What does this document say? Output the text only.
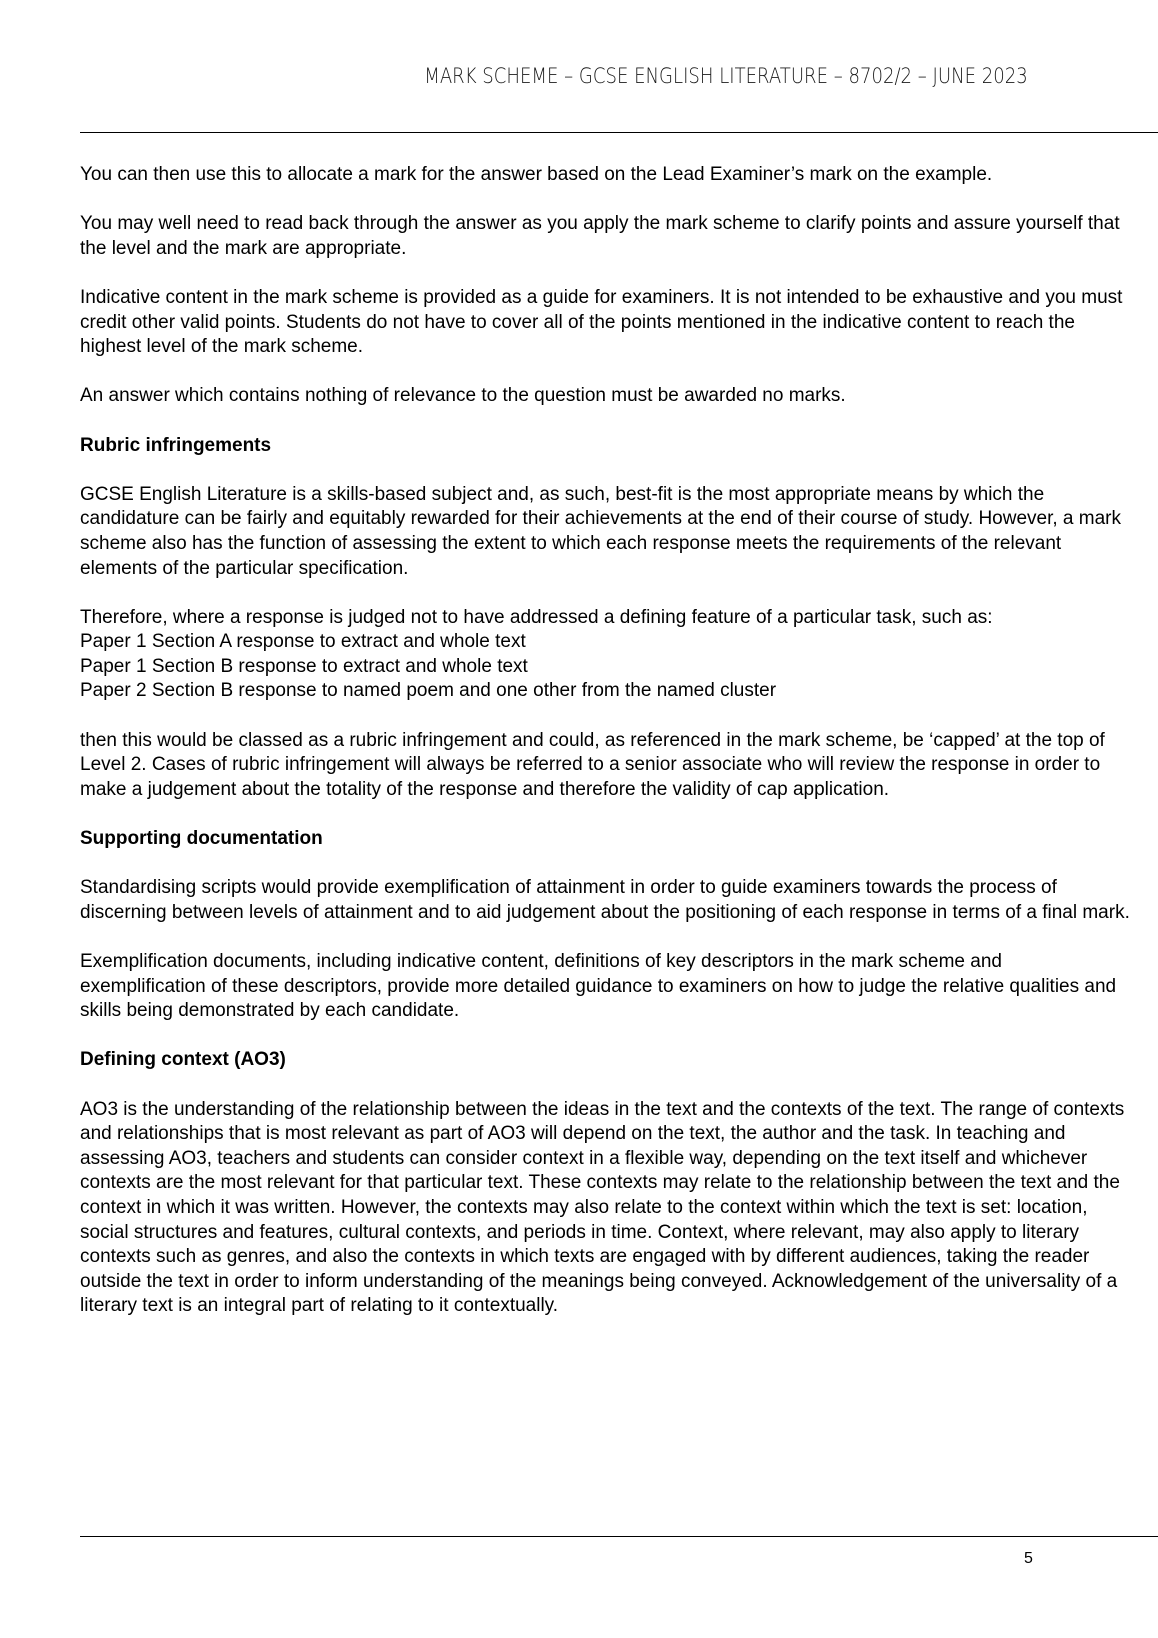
MARK SCHEME – GCSE ENGLISH LITERATURE – 8702/2 – JUNE 2023

You can then use this to allocate a mark for the answer based on the Lead Examiner’s mark on the example.

You may well need to read back through the answer as you apply the mark scheme to clarify points and assure yourself that the level and the mark are appropriate.

Indicative content in the mark scheme is provided as a guide for examiners. It is not intended to be exhaustive and you must credit other valid points. Students do not have to cover all of the points mentioned in the indicative content to reach the highest level of the mark scheme.

An answer which contains nothing of relevance to the question must be awarded no marks.

Rubric infringements

GCSE English Literature is a skills-based subject and, as such, best-fit is the most appropriate means by which the candidature can be fairly and equitably rewarded for their achievements at the end of their course of study. However, a mark scheme also has the function of assessing the extent to which each response meets the requirements of the relevant elements of the particular specification.

Therefore, where a response is judged not to have addressed a defining feature of a particular task, such as:
Paper 1 Section A response to extract and whole text
Paper 1 Section B response to extract and whole text
Paper 2 Section B response to named poem and one other from the named cluster

then this would be classed as a rubric infringement and could, as referenced in the mark scheme, be ‘capped’ at the top of Level 2. Cases of rubric infringement will always be referred to a senior associate who will review the response in order to make a judgement about the totality of the response and therefore the validity of cap application.

Supporting documentation

Standardising scripts would provide exemplification of attainment in order to guide examiners towards the process of discerning between levels of attainment and to aid judgement about the positioning of each response in terms of a final mark.

Exemplification documents, including indicative content, definitions of key descriptors in the mark scheme and exemplification of these descriptors, provide more detailed guidance to examiners on how to judge the relative qualities and skills being demonstrated by each candidate.

Defining context (AO3)

AO3 is the understanding of the relationship between the ideas in the text and the contexts of the text. The range of contexts and relationships that is most relevant as part of AO3 will depend on the text, the author and the task. In teaching and assessing AO3, teachers and students can consider context in a flexible way, depending on the text itself and whichever contexts are the most relevant for that particular text. These contexts may relate to the relationship between the text and the context in which it was written. However, the contexts may also relate to the context within which the text is set: location, social structures and features, cultural contexts, and periods in time. Context, where relevant, may also apply to literary contexts such as genres, and also the contexts in which texts are engaged with by different audiences, taking the reader outside the text in order to inform understanding of the meanings being conveyed. Acknowledgement of the universality of a literary text is an integral part of relating to it contextually.

5
